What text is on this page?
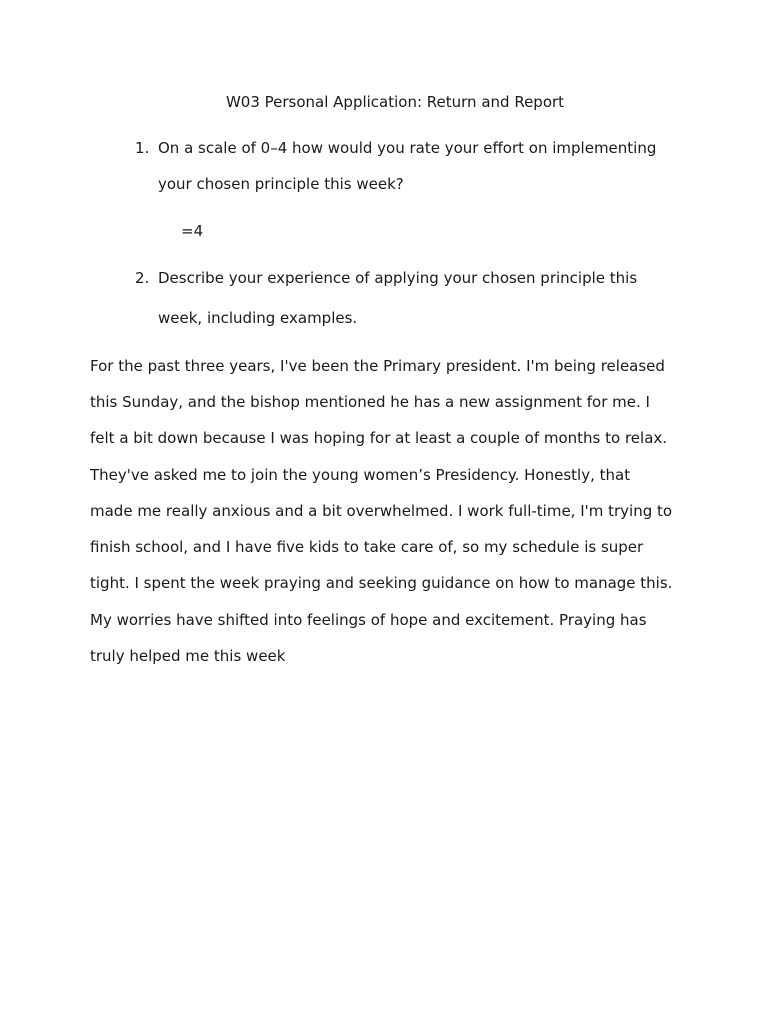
W03 Personal Application: Return and Report
1. On a scale of 0–4 how would you rate your effort on implementing
your chosen principle this week?
=4
2. Describe your experience of applying your chosen principle this
week, including examples.
For the past three years, I've been the Primary president. I'm being released
this Sunday, and the bishop mentioned he has a new assignment for me. I
felt a bit down because I was hoping for at least a couple of months to relax.
They've asked me to join the young women’s Presidency. Honestly, that
made me really anxious and a bit overwhelmed. I work full-time, I'm trying to
finish school, and I have five kids to take care of, so my schedule is super
tight. I spent the week praying and seeking guidance on how to manage this.
My worries have shifted into feelings of hope and excitement. Praying has
truly helped me this week
